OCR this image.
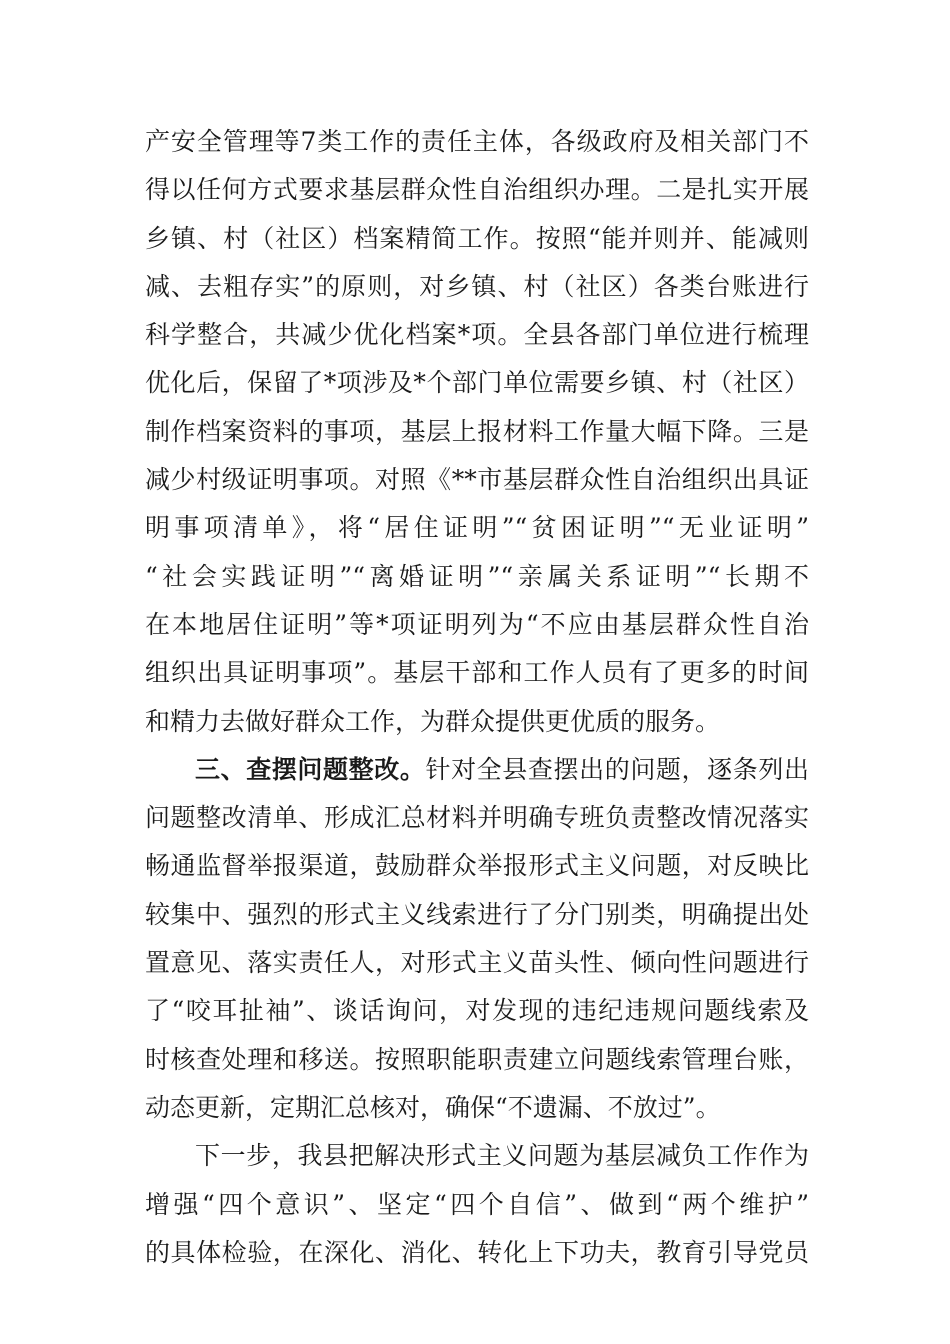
产安全管理等7类工作的责任主体，各级政府及相关部门不
得以任何方式要求基层群众性自治组织办理。二是扎实开展
乡镇、村（社区）档案精简工作。按照“能并则并、能减则
减、去粗存实”的原则，对乡镇、村（社区）各类台账进行
科学整合，共减少优化档案*项。全县各部门单位进行梳理
优化后，保留了*项涉及*个部门单位需要乡镇、村（社区）
制作档案资料的事项，基层上报材料工作量大幅下降。三是
减少村级证明事项。对照《**市基层群众性自治组织出具证
明事项清单》，将“居住证明”“贫困证明”“无业证明”
“社会实践证明”“离婚证明”“亲属关系证明”“长期不
在本地居住证明”等*项证明列为“不应由基层群众性自治
组织出具证明事项”。基层干部和工作人员有了更多的时间
和精力去做好群众工作，为群众提供更优质的服务。
三、查摆问题整改。针对全县查摆出的问题，逐条列出
问题整改清单、形成汇总材料并明确专班负责整改情况落实
畅通监督举报渠道，鼓励群众举报形式主义问题，对反映比
较集中、强烈的形式主义线索进行了分门别类，明确提出处
置意见、落实责任人，对形式主义苗头性、倾向性问题进行
了“咬耳扯袖”、谈话询问，对发现的违纪违规问题线索及
时核查处理和移送。按照职能职责建立问题线索管理台账，
动态更新，定期汇总核对，确保“不遗漏、不放过”。
下一步，我县把解决形式主义问题为基层减负工作作为
增强“四个意识”、坚定“四个自信”、做到“两个维护”
的具体检验，在深化、消化、转化上下功夫，教育引导党员
